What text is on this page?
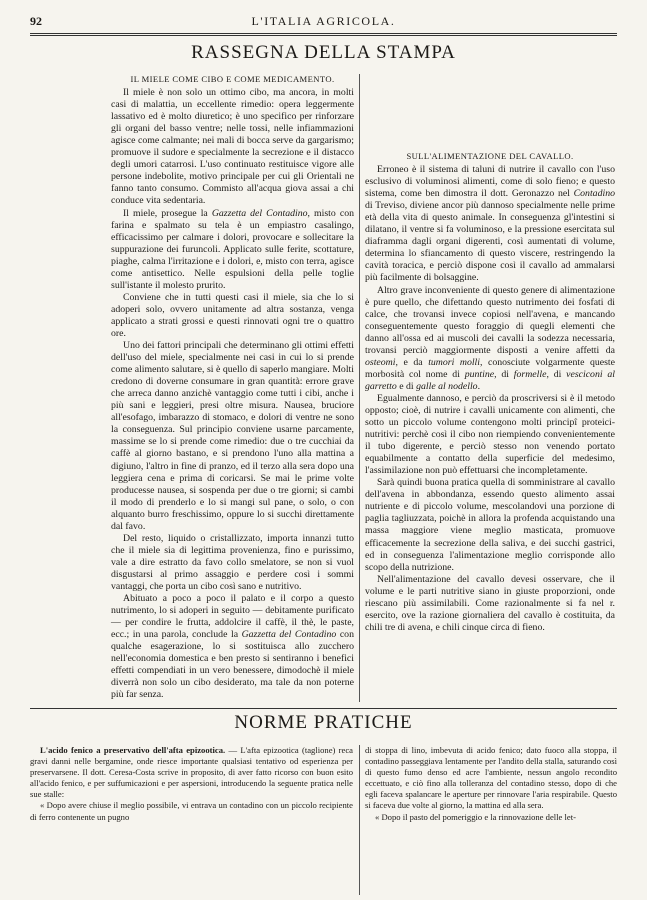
92	L'ITALIA AGRICOLA.
RASSEGNA DELLA STAMPA
IL MIELE COME CIBO E COME MEDICAMENTO.

Il miele è non solo un ottimo cibo, ma ancora, in molti casi di malattia, un eccellente rimedio: opera leggermente lassativo ed è molto diuretico; è uno specifico per rinforzare gli organi del basso ventre; nelle tossi, nelle infiammazioni agisce come calmante; nei mali di bocca serve da gargarismo; promuove il sudore e specialmente la secrezione e il distacco degli umori catarrosi. L'uso continuato restituisce vigore alle persone indebolite, motivo principale per cui gli Orientali ne fanno tanto consumo. Commisto all'acqua giova assai a chi conduce vita sedentaria.

Il miele, prosegue la Gazzetta del Contadino, misto con farina e spalmato su tela è un empiastro casalingo, efficacissimo per calmare i dolori, provocare e sollecitare la suppurazione dei furuncoli. Applicato sulle ferite, scottature, piaghe, calma l'irritazione e i dolori, e, misto con terra, agisce come antisettico. Nelle espulsioni della pelle toglie sull'istante il molesto prurito.

Conviene che in tutti questi casi il miele, sia che lo si adoperi solo, ovvero unitamente ad altra sostanza, venga applicato a strati grossi e questi rinnovati ogni tre o quattro ore.

Uno dei fattori principali che determinano gli ottimi effetti dell'uso del miele, specialmente nei casi in cui lo si prende come alimento salutare, si è quello di saperlo mangiare. Molti credono di doverne consumare in gran quantità: errore grave che arreca danno anzichè vantaggio come tutti i cibi, anche i più sani e leggieri, presi oltre misura. Nausea, bruciore all'esofago, imbarazzo di stomaco, e dolori di ventre ne sono la conseguenza. Sul principio conviene usarne parcamente, massime se lo si prende come rimedio: due o tre cucchiai da caffè al giorno bastano, e si prendono l'uno alla mattina a digiuno, l'altro in fine di pranzo, ed il terzo alla sera dopo una leggiera cena e prima di coricarsi. Se mai le prime volte producesse nausea, si sospenda per due o tre giorni; si cambi il modo di prenderlo e lo si mangi sul pane, o solo, o con alquanto burro freschissimo, oppure lo si succhi direttamente dal favo.

Del resto, liquido o cristallizzato, importa innanzi tutto che il miele sia di legittima provenienza, fino e purissimo, vale a dire estratto da favo collo smelatore, se non si vuol disgustarsi al primo assaggio e perdere così i sommi vantaggi, che porta un cibo così sano e nutritivo.

Abituato a poco a poco il palato e il corpo a questo nutrimento, lo si adoperi in seguito — debitamente purificato — per condire le frutta, addolcire il caffè, il thè, le paste, ecc.; in una parola, conclude la Gazzetta del Contadino con qualche esagerazione, lo si sostituisca allo zucchero nell'economia domestica e ben presto si sentiranno i benefici effetti compendiati in un vero benessere, dimodochè il miele diverrà non solo un cibo desiderato, ma tale da non poterne più far senza.

SULL'ALIMENTAZIONE DEL CAVALLO.

Erroneo è il sistema di taluni di nutrire il cavallo con l'uso esclusivo di voluminosi alimenti, come di solo fieno; e questo sistema, come ben dimostra il dott. Geronazzo nel Contadino di Treviso, diviene ancor più dannoso specialmente nelle prime età della vita di questo animale. In conseguenza gl'intestini si dilatano, il ventre si fa voluminoso, e la pressione esercitata sul diaframma dagli organi digerenti, così aumentati di volume, determina lo sfiancamento di questo viscere, restringendo la cavità toracica, e perciò dispone così il cavallo ad ammalarsi più facilmente di bolsaggine.

Altro grave inconveniente di questo genere di alimentazione è pure quello, che difettando questo nutrimento dei fosfati di calce, che trovansi invece copiosi nell'avena, e mancando conseguentemente questo foraggio di quegli elementi che danno all'ossa ed ai muscoli dei cavalli la sodezza necessaria, trovansi perciò maggiormente disposti a venire affetti da osteomi, e da tumori molli, conosciute volgarmente queste morbosità col nome di puntine, di formelle, di vesciconi al garretto e di galle al nodello.

Egualmente dannoso, e perciò da proscriversi si è il metodo opposto; cioè, di nutrire i cavalli unicamente con alimenti, che sotto un piccolo volume contengono molti principî proteici-nutritivi: perchè così il cibo non riempiendo convenientemente il tubo digerente, e perciò stesso non venendo portato equabilmente a contatto della superficie del medesimo, l'assimilazione non può effettuarsi che incompletamente.

Sarà quindi buona pratica quella di somministrare al cavallo dell'avena in abbondanza, essendo questo alimento assai nutriente e di piccolo volume, mescolandovi una porzione di paglia tagliuzzata, poichè in allora la profenda acquistando una massa maggiore viene meglio masticata, promuove efficacemente la secrezione della saliva, e dei succhi gastrici, ed in conseguenza l'alimentazione meglio corrisponde allo scopo della nutrizione.

Nell'alimentazione del cavallo devesi osservare, che il volume e le parti nutritive siano in giuste proporzioni, onde riescano più assimilabili. Come razionalmente si fa nel r. esercito, ove la razione giornaliera del cavallo è costituita, da chili tre di avena, e chili cinque circa di fieno.

NORME PRATICHE

L'acido fenico a preservativo dell'afta epizootica. — L'afta epizootica (taglione) reca gravi danni nelle bergamine, onde riesce importante qualsiasi tentativo od esperienza per preservarsene. Il dott. Ceresa-Costa scrive in proposito, di aver fatto ricorso con buon esito all'acido fenico, e per suffumicazioni e per aspersioni, introducendo la seguente pratica nelle sue stalle:

« Dopo avere chiuse il meglio possibile, vi entrava un contadino con un piccolo recipiente di ferro contenente un pugno

di stoppa di lino, imbevuta di acido fenico; dato fuoco alla stoppa, il contadino passeggiava lentamente per l'andito della stalla, saturando così di questo fumo denso ed acre l'ambiente, nessun angolo recondito eccettuato, e ciò fino alla tolleranza del contadino stesso, dopo di che egli faceva spalancare le aperture per rinnovare l'aria respirabile. Questo si faceva due volte al giorno, la mattina ed alla sera.

« Dopo il pasto del pomeriggio e la rinnovazione delle let-
